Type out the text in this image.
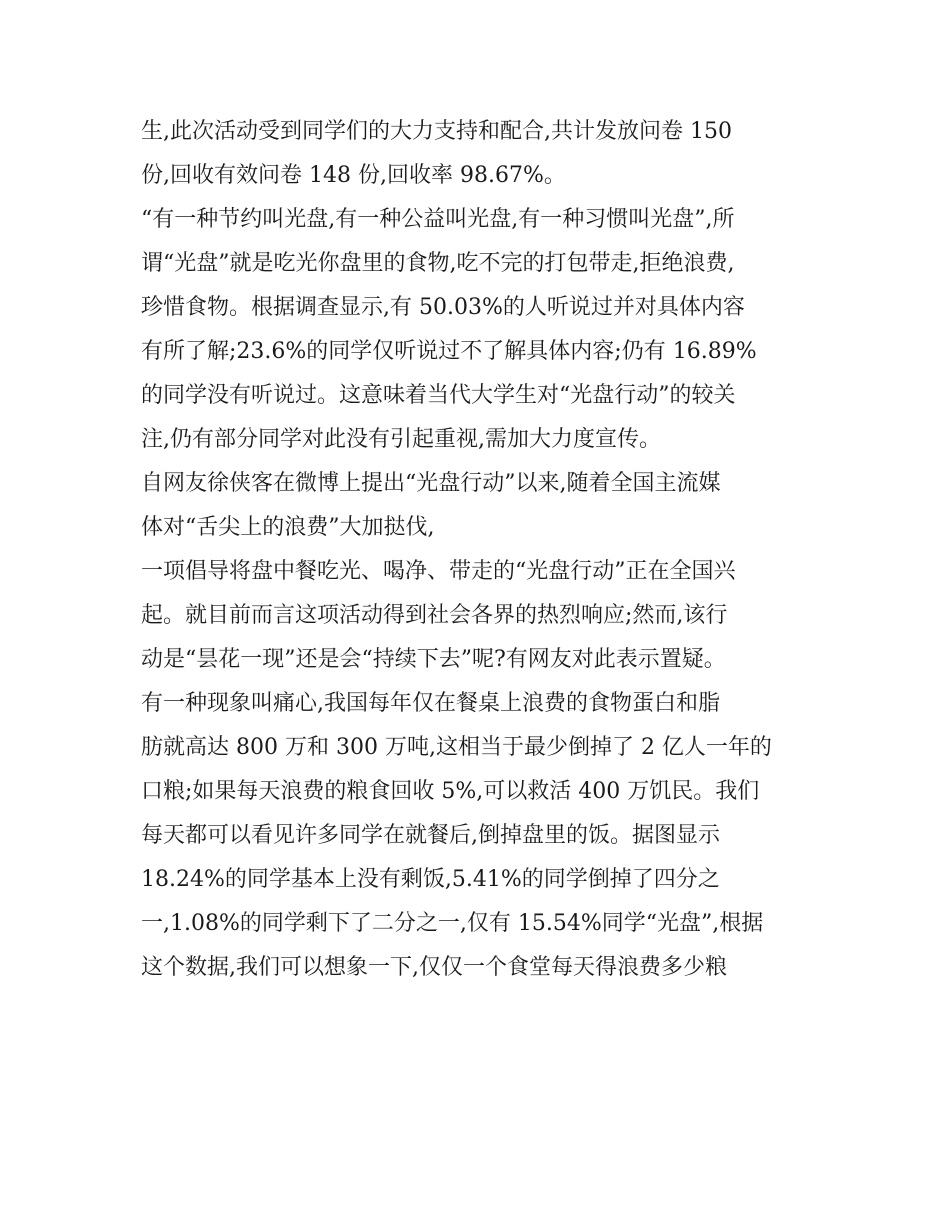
生,此次活动受到同学们的大力支持和配合,共计发放问卷 150
份,回收有效问卷 148 份,回收率 98.67%。
“有一种节约叫光盘,有一种公益叫光盘,有一种习惯叫光盘”,所
谓“光盘”就是吃光你盘里的食物,吃不完的打包带走,拒绝浪费,
珍惜食物。根据调查显示,有 50.03%的人听说过并对具体内容
有所了解;23.6%的同学仅听说过不了解具体内容;仍有 16.89%
的同学没有听说过。这意味着当代大学生对“光盘行动”的较关
注,仍有部分同学对此没有引起重视,需加大力度宣传。
自网友徐侠客在微博上提出“光盘行动”以来,随着全国主流媒
体对“舌尖上的浪费”大加挞伐,
一项倡导将盘中餐吃光、喝净、带走的“光盘行动”正在全国兴
起。就目前而言这项活动得到社会各界的热烈响应;然而,该行
动是“昙花一现”还是会“持续下去”呢?有网友对此表示置疑。
有一种现象叫痛心,我国每年仅在餐桌上浪费的食物蛋白和脂
肪就高达 800 万和 300 万吨,这相当于最少倒掉了 2 亿人一年的
口粮;如果每天浪费的粮食回收 5%,可以救活 400 万饥民。我们
每天都可以看见许多同学在就餐后,倒掉盘里的饭。据图显示
18.24%的同学基本上没有剩饭,5.41%的同学倒掉了四分之
一,1.08%的同学剩下了二分之一,仅有 15.54%同学“光盘”,根据
这个数据,我们可以想象一下,仅仅一个食堂每天得浪费多少粮
